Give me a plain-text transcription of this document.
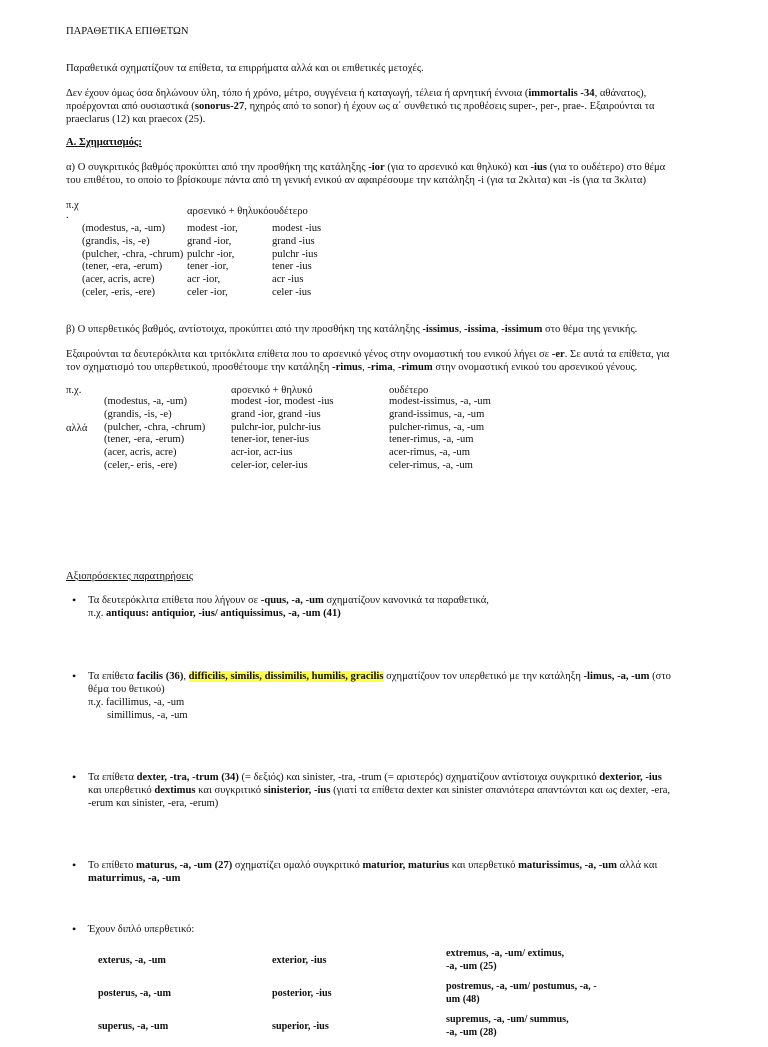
ΠΑΡΑΘΕΤΙΚΑ ΕΠΙΘΕΤΩΝ
Παραθετικά σχηματίζουν τα επίθετα, τα επιρρήματα αλλά και οι επιθετικές μετοχές.
Δεν έχουν όμως όσα δηλώνουν ύλη, τόπο ή χρόνο, μέτρο, συγγένεια ή καταγωγή, τέλεια ή αρνητική έννοια (immortalis -34, αθάνατος),
προέρχονται από ουσιαστικά (sonorus-27, ηχηρός από το sonor) ή έχουν ως α΄ συνθετικό τις προθέσεις super-, per-, prae-. Εξαιρούνται τα
praeclarus (12) και praecox (25).
Α. Σχηματισμός:
α) Ο συγκριτικός βαθμός προκύπτει από την προσθήκη της κατάληξης -ior (για το αρσενικό και θηλυκό) και -ius (για το ουδέτερο) στο θέμα
του επιθέτου, το οποίο το βρίσκουμε πάντα από τη γενική ενικού αν αφαιρέσουμε την κατάληξη -i (για τα 2κλιτα) και -is (για τα 3κλιτα)
π.χ
.	αρσενικό + θηλυκόουδέτερο
(modestus, -a, -um)	modest -ior,	modest -ius
(grandis, -is, -e)	grand -ior,	grand -ius
(pulcher, -chra, -chrum)	pulchr -ior,	pulchr -ius
(tener, -era, -erum)	tener -ior,	tener -ius
(acer, acris, acre)	acr -ior,	acr -ius
(celer, -eris, -ere)	celer -ior,	celer -ius
β) Ο υπερθετικός βαθμός, αντίστοιχα, προκύπτει από την προσθήκη της κατάληξης -issimus, -issima, -issimum στο θέμα της γενικής.
Εξαιρούνται τα δευτερόκλιτα και τριτόκλιτα επίθετα που το αρσενικό γένος στην ονομαστική του ενικού λήγει σε -er. Σε αυτά τα επίθετα, για
τον σχηματισμό του υπερθετικού, προσθέτουμε την κατάληξη -rimus, -rima, -rimum στην ονομαστική ενικού του αρσενικού γένους.
π.χ.	αρσενικό + θηλυκό	ουδέτερο
αλλά
(modestus, -a, -um)	modest -ior, modest -ius	modest-issimus, -a, -um
(grandis, -is, -e)	grand -ior, grand -ius	grand-issimus, -a, -um
(pulcher, -chra, -chrum)	pulchr-ior, pulchr-ius	pulcher-rimus, -a, -um
(tener, -era, -erum)	tener-ior, tener-ius	tener-rimus, -a, -um
(acer, acris, acre)	acr-ior, acr-ius	acer-rimus, -a, -um
(celer,- eris, -ere)	celer-ior, celer-ius	celer-rimus, -a, -um
Αξιοπρόσεκτες παρατηρήσεις
• Τα δευτερόκλιτα επίθετα που λήγουν σε -quus, -a, -um σχηματίζουν κανονικά τα παραθετικά,
π.χ. antiquus: antiquior, -ius/ antiquissimus, -a, -um (41)
• Τα επίθετα facilis (36), difficilis, similis, dissimilis, humilis, gracilis σχηματίζουν τον υπερθετικό με την κατάληξη -limus, -a, -um (στο
θέμα του θετικού)
π.χ. facillimus, -a, -um
simillimus, -a, -um
• Τα επίθετα dexter, -tra, -trum (34) (= δεξιός) και sinister, -tra, -trum (= αριστερός) σχηματίζουν αντίστοιχα συγκριτικό dexterior, -ius
και υπερθετικό dextimus και συγκριτικό sinisterior, -ius (γιατί τα επίθετα dexter και sinister σπανιότερα απαντώνται και ως dexter, -era,
-erum και sinister, -era, -erum)
• Το επίθετο maturus, -a, -um (27) σχηματίζει ομαλό συγκριτικό maturior, maturius και υπερθετικό maturissimus, -a, -um αλλά και
maturrimus, -a, -um
• Έχουν διπλό υπερθετικό:
exterus, -a, -um	exterior, -ius	extremus, -a, -um/ extimus,
-a, -um (25)

posterus, -a, -um	posterior, -ius	postremus, -a, -um/ postumus, -a, -
um (48)

superus, -a, -um	superior, -ius	supremus, -a, -um/ summus,
-a, -um (28)
